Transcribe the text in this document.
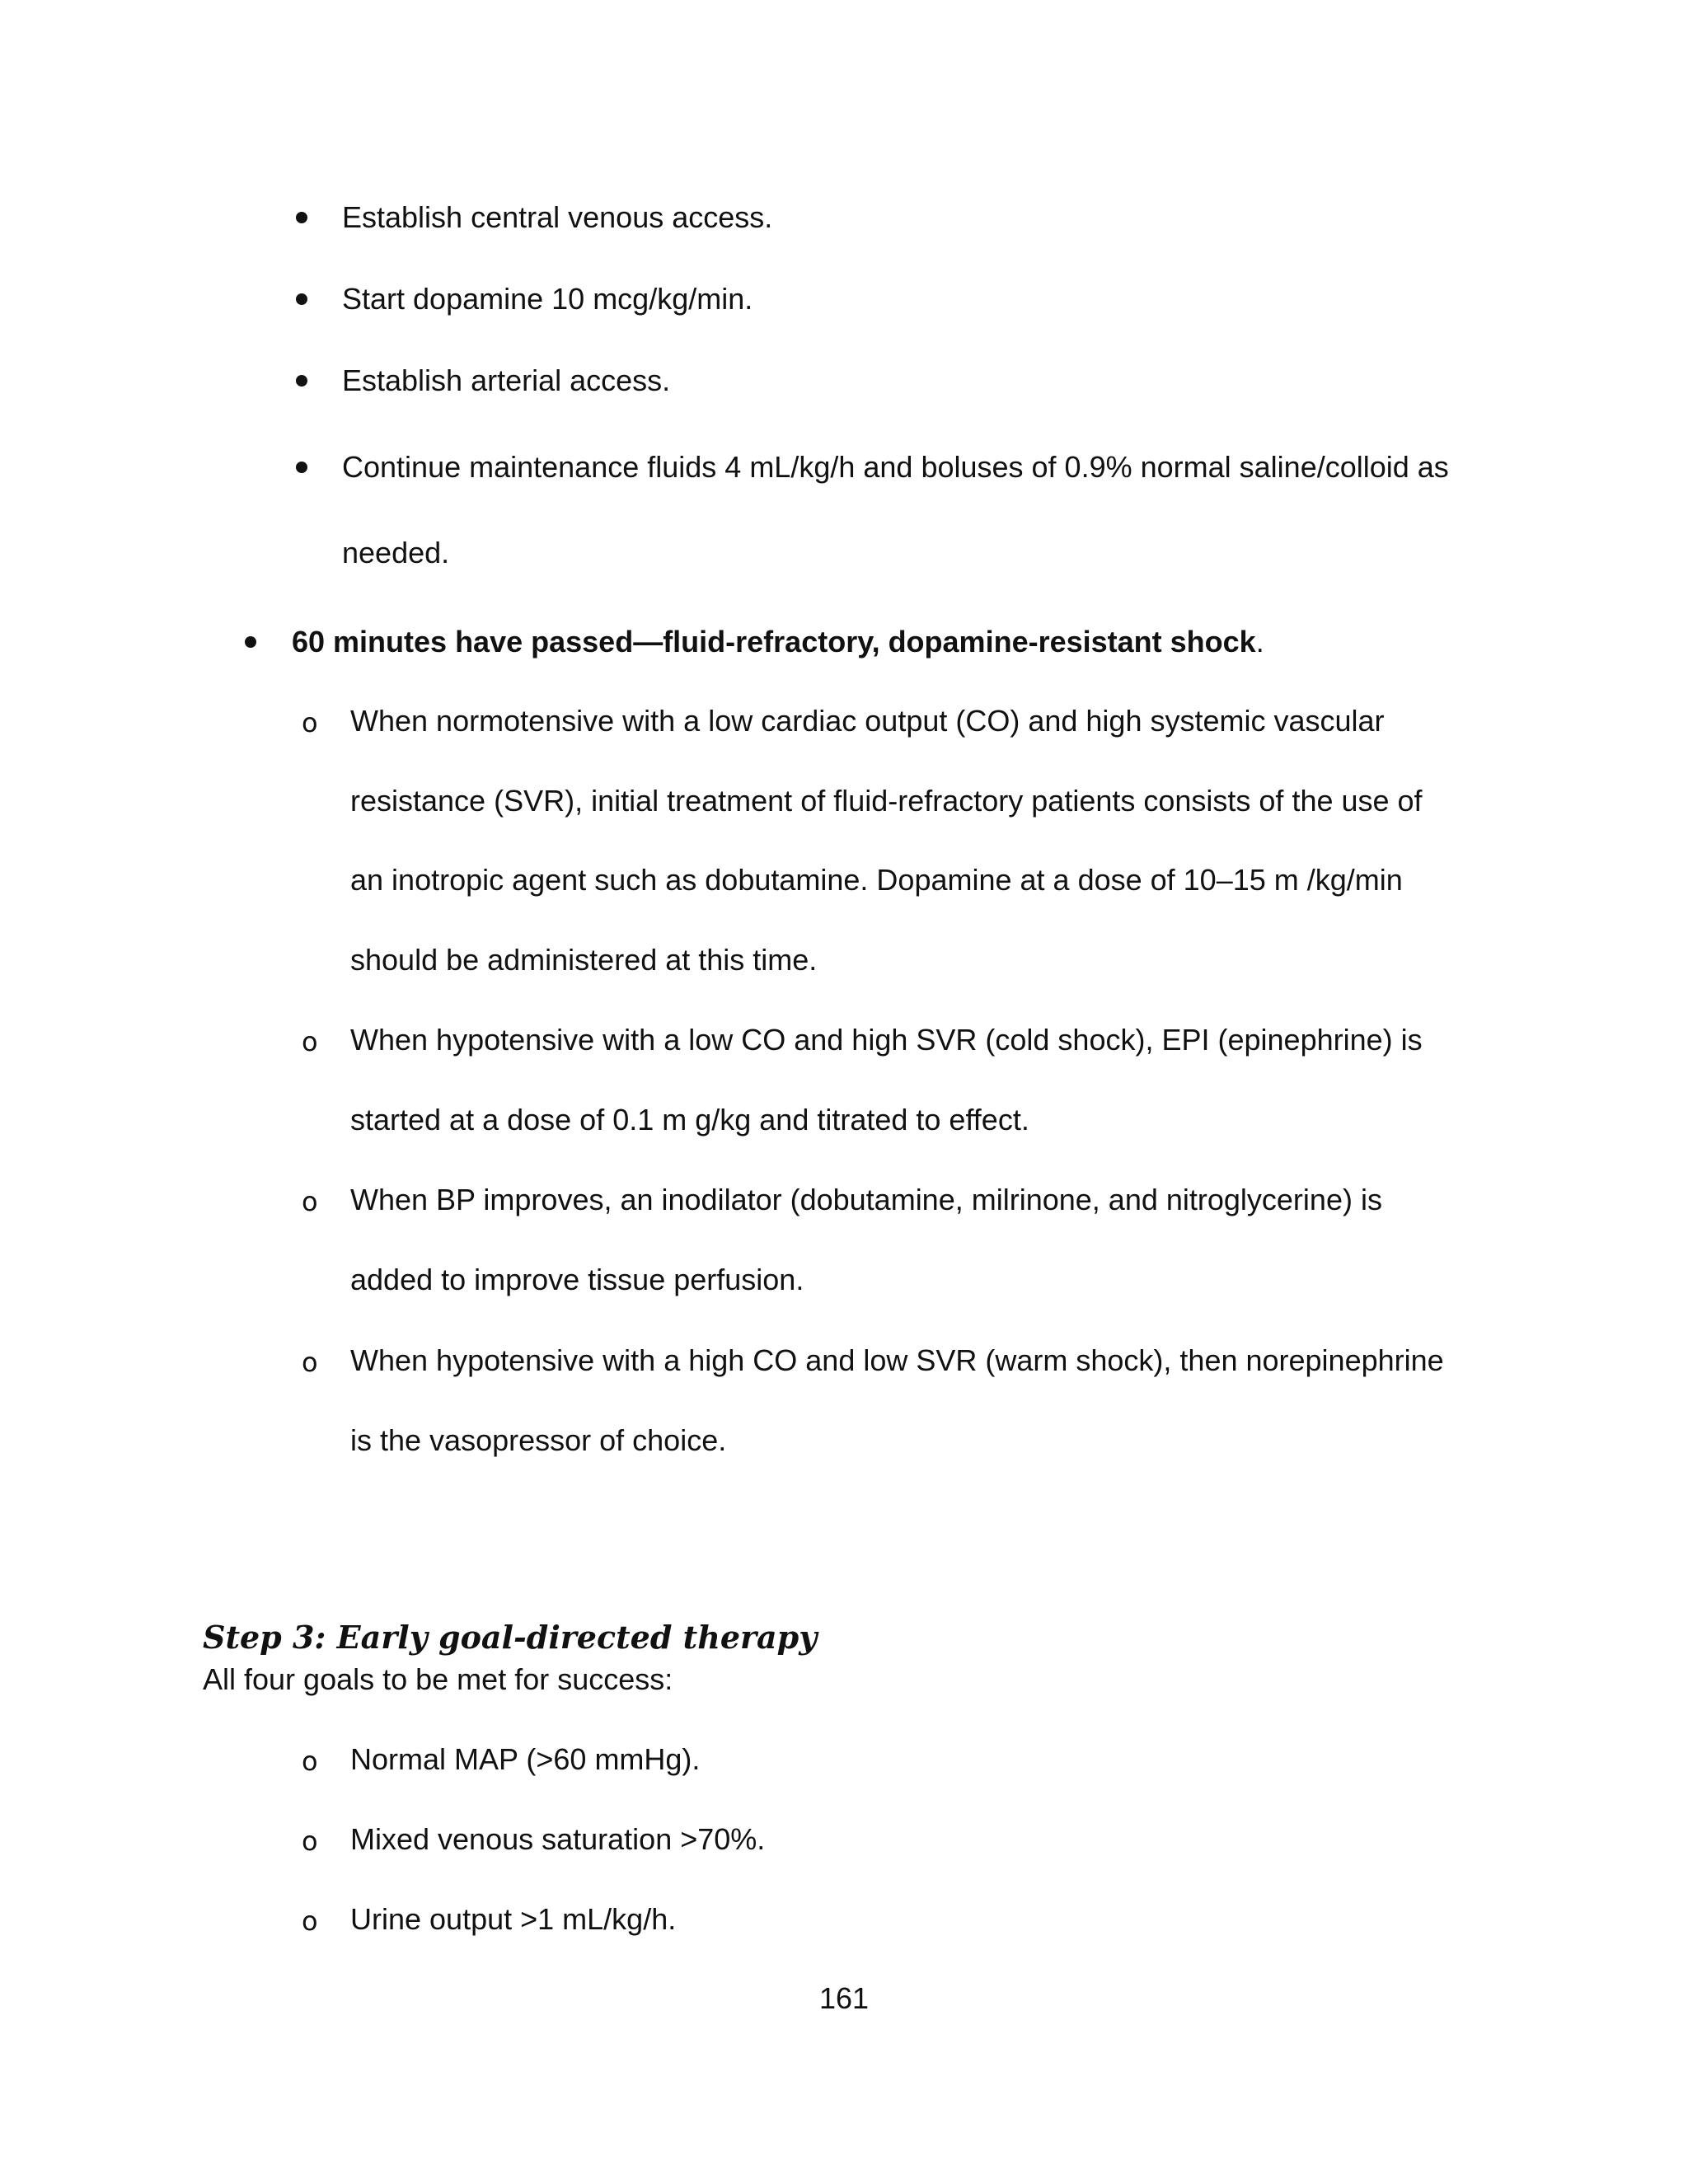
Establish central venous access.
Start dopamine 10 mcg/kg/min.
Establish arterial access.
Continue maintenance fluids 4 mL/kg/h and boluses of 0.9% normal saline/colloid as
needed.
60 minutes have passed—fluid-refractory, dopamine-resistant shock.
o When normotensive with a low cardiac output (CO) and high systemic vascular
resistance (SVR), initial treatment of fluid-refractory patients consists of the use of
an inotropic agent such as dobutamine. Dopamine at a dose of 10–15 m /kg/min
should be administered at this time.
o When hypotensive with a low CO and high SVR (cold shock), EPI (epinephrine) is
started at a dose of 0.1 m g/kg and titrated to effect.
o When BP improves, an inodilator (dobutamine, milrinone, and nitroglycerine) is
added to improve tissue perfusion.
o When hypotensive with a high CO and low SVR (warm shock), then norepinephrine
is the vasopressor of choice.
Step 3: Early goal-directed therapy
All four goals to be met for success:
o Normal MAP (>60 mmHg).
o Mixed venous saturation >70%.
o Urine output >1 mL/kg/h.
161
